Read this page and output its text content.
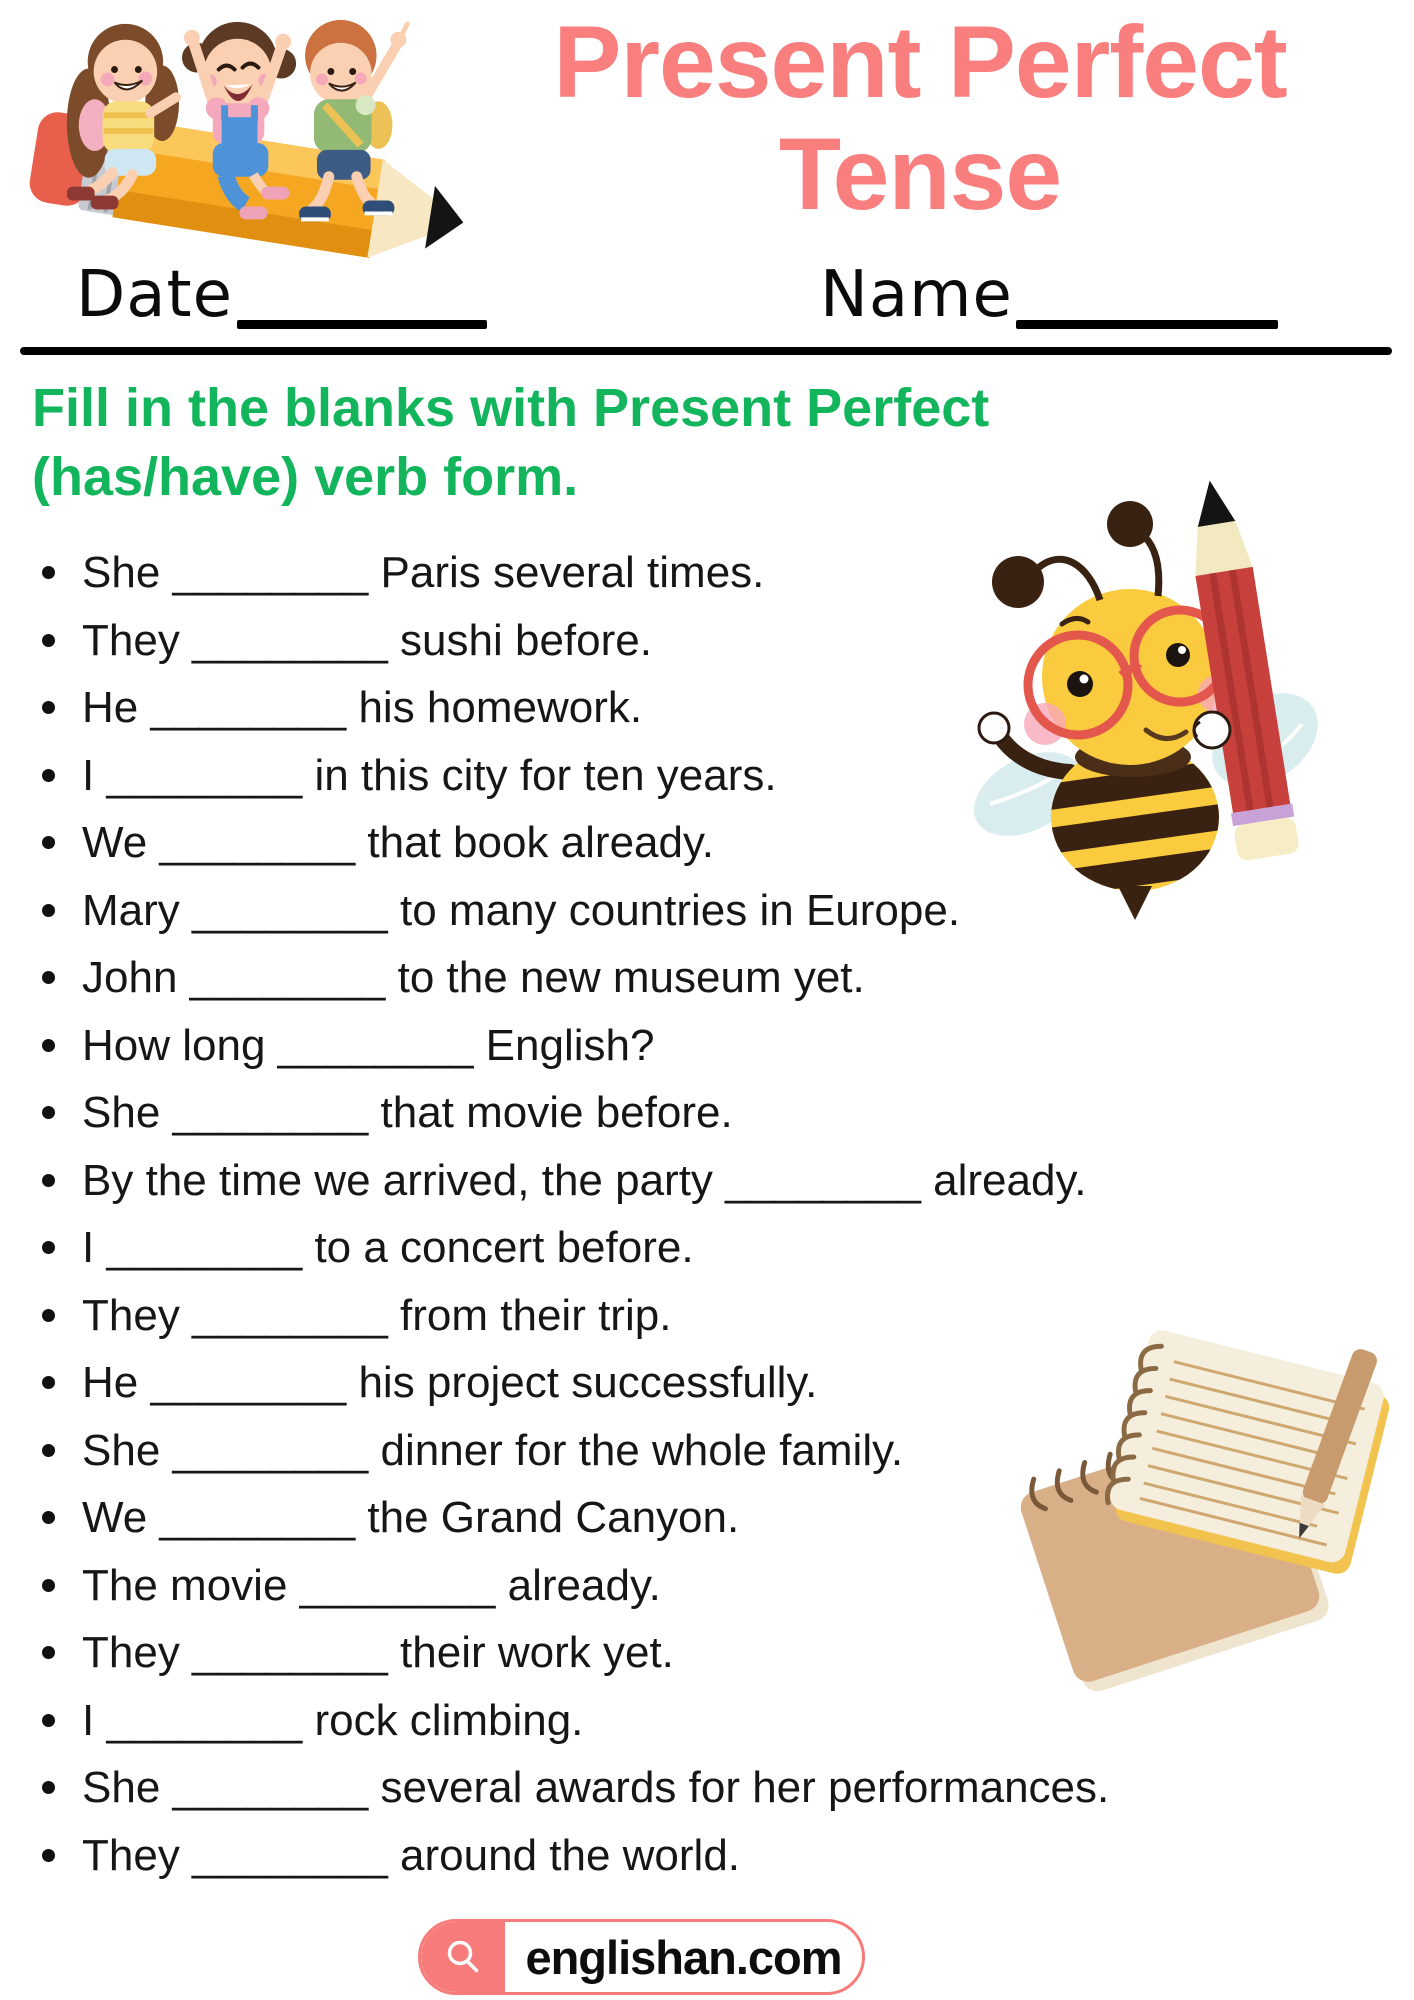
Present Perfect
Tense
Date	Name
Fill in the blanks with Present Perfect
(has/have) verb form.
She ________ Paris several times.
They ________ sushi before.
He ________ his homework.
I ________ in this city for ten years.
We ________ that book already.
Mary ________ to many countries in Europe.
John ________ to the new museum yet.
How long ________ English?
She ________ that movie before.
By the time we arrived, the party ________ already.
I ________ to a concert before.
They ________ from their trip.
He ________ his project successfully.
She ________ dinner for the whole family.
We ________ the Grand Canyon.
The movie ________ already.
They ________ their work yet.
I ________ rock climbing.
She ________ several awards for her performances.
They ________ around the world.
englishan.com
